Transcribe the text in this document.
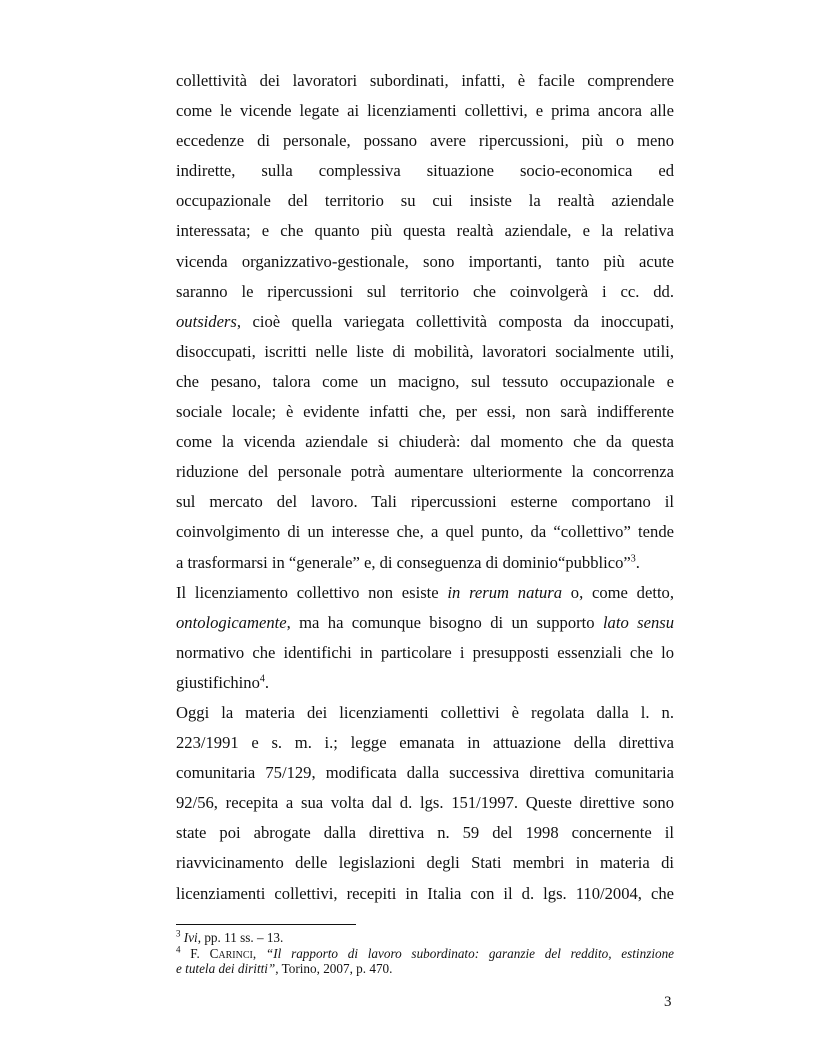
collettività dei lavoratori subordinati, infatti, è facile comprendere
come le vicende legate ai licenziamenti collettivi, e prima ancora alle
eccedenze di personale, possano avere ripercussioni, più o meno
indirette, sulla complessiva situazione socio-economica ed
occupazionale del territorio su cui insiste la realtà aziendale
interessata; e che quanto più questa realtà aziendale, e la relativa
vicenda organizzativo-gestionale, sono importanti, tanto più acute
saranno le ripercussioni sul territorio che coinvolgerà i cc. dd.
outsiders, cioè quella variegata collettività composta da inoccupati,
disoccupati, iscritti nelle liste di mobilità, lavoratori socialmente utili,
che pesano, talora come un macigno, sul tessuto occupazionale e
sociale locale; è evidente infatti che, per essi, non sarà indifferente
come la vicenda aziendale si chiuderà: dal momento che da questa
riduzione del personale potrà aumentare ulteriormente la concorrenza
sul mercato del lavoro. Tali ripercussioni esterne comportano il
coinvolgimento di un interesse che, a quel punto, da “collettivo” tende
a trasformarsi in “generale” e, di conseguenza di dominio“pubblico”$^3$.
Il licenziamento collettivo non esiste in rerum natura o, come detto,
ontologicamente, ma ha comunque bisogno di un supporto lato sensu
normativo che identifichi in particolare i presupposti essenziali che lo
giustifichino$^4$.
Oggi la materia dei licenziamenti collettivi è regolata dalla l. n.
223/1991 e s. m. i.; legge emanata in attuazione della direttiva
comunitaria 75/129, modificata dalla successiva direttiva comunitaria
92/56, recepita a sua volta dal d. lgs. 151/1997. Queste direttive sono
state poi abrogate dalla direttiva n. 59 del 1998 concernente il
riavvicinamento delle legislazioni degli Stati membri in materia di
licenziamenti collettivi, recepiti in Italia con il d. lgs. 110/2004, che
$^3$ Ivi, pp. 11 ss. – 13.
$^4$ F. CARINCI, “Il rapporto di lavoro subordinato: garanzie del reddito, estinzione
e tutela dei diritti”, Torino, 2007, p. 470.
3
